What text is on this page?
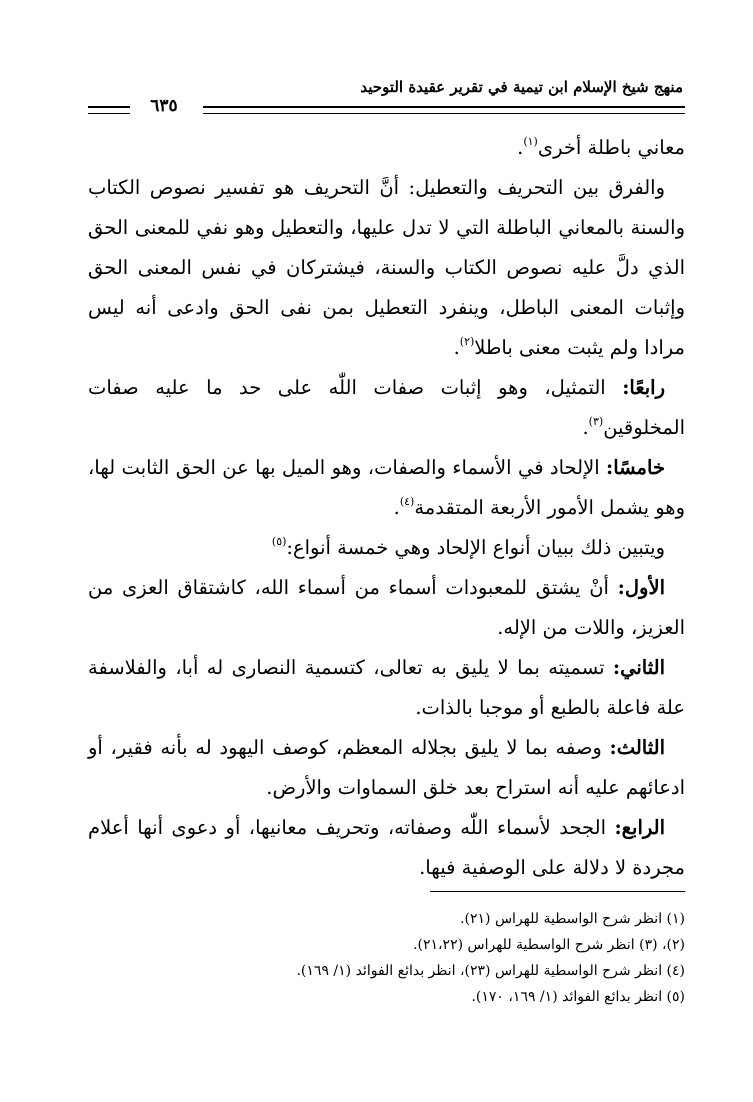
منهج شيخ الإسلام ابن تيمية في تقرير عقيدة التوحيد
٦٣٥

معاني باطلة أخرى$^{(١)}$.

والفرق بين التحريف والتعطيل: أنَّ التحريف هو تفسير نصوص الكتاب والسنة بالمعاني الباطلة التي لا تدل عليها، والتعطيل وهو نفي للمعنى الحق الذي دلَّ عليه نصوص الكتاب والسنة، فيشتركان في نفس المعنى الحق وإثبات المعنى الباطل، وينفرد التعطيل بمن نفى الحق وادعى أنه ليس مرادا ولم يثبت معنى باطلا$^{(٢)}$.

رابعًا: التمثيل، وهو إثبات صفات اللّٰه على حد ما عليه صفات المخلوقين$^{(٣)}$.

خامسًا: الإلحاد في الأسماء والصفات، وهو الميل بها عن الحق الثابت لها، وهو يشمل الأمور الأربعة المتقدمة$^{(٤)}$.

ويتبين ذلك ببيان أنواع الإلحاد وهي خمسة أنواع:$^{(٥)}$

الأول: أنْ يشتق للمعبودات أسماء من أسماء الله، كاشتقاق العزى من العزيز، واللات من الإله.

الثاني: تسميته بما لا يليق به تعالى، كتسمية النصارى له أبا، والفلاسفة علة فاعلة بالطبع أو موجبا بالذات.

الثالث: وصفه بما لا يليق بجلاله المعظم، كوصف اليهود له بأنه فقير، أو ادعائهم عليه أنه استراح بعد خلق السماوات والأرض.

الرابع: الجحد لأسماء اللّٰه وصفاته، وتحريف معانيها، أو دعوى أنها أعلام مجردة لا دلالة على الوصفية فيها.

(١) انظر شرح الواسطية للهراس (٢١).

(٢)، (٣) انظر شرح الواسطية للهراس (٢١،٢٢).

(٤) انظر شرح الواسطية للهراس (٢٣)، انظر بدائع الفوائد (١/ ١٦٩).

(٥) انظر بدائع الفوائد (١/ ١٦٩، ١٧٠).
